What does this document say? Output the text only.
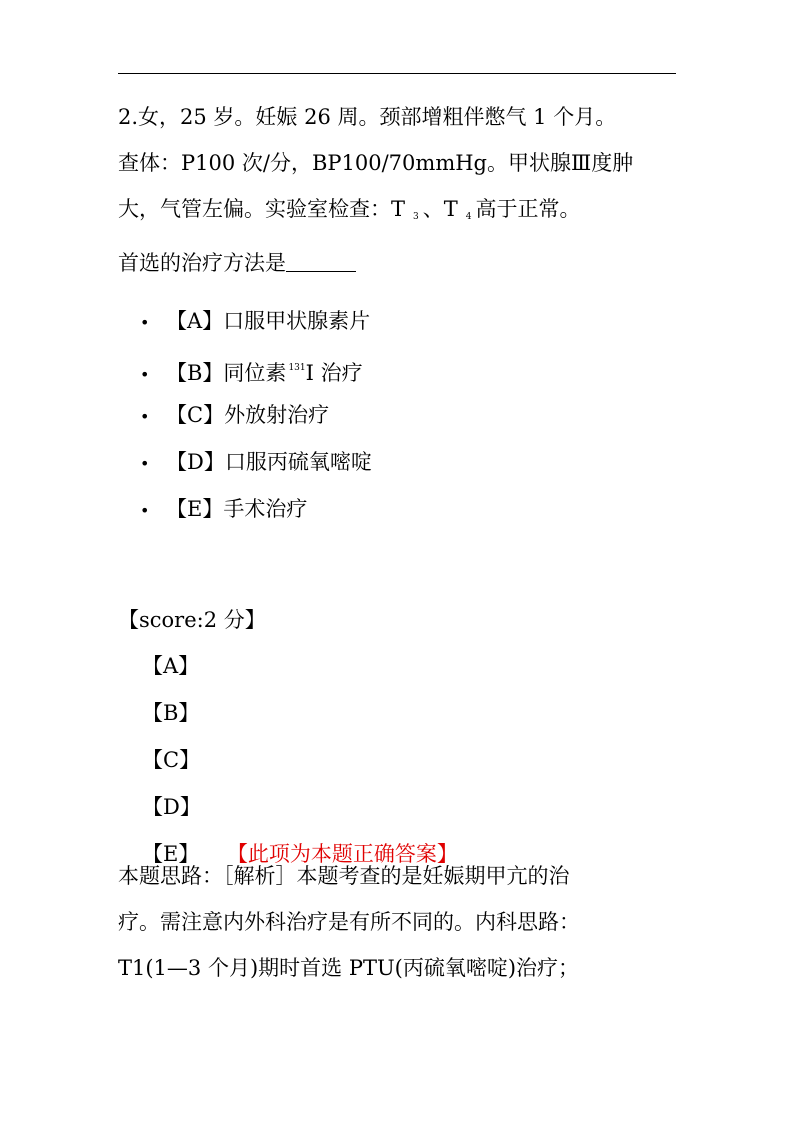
2.女，25 岁。妊娠 26 周。颈部增粗伴憋气 1 个月。
查体：P100 次/分，BP100/70mmHg。甲状腺Ⅲ度肿
大，气管左偏。实验室检查：T $_3$ 、T $_4$ 高于正常。
首选的治疗方法是
• 【A】口服甲状腺素片
• 【B】同位素 $^{131}$I 治疗
• 【C】外放射治疗
• 【D】口服丙硫氧嘧啶
• 【E】手术治疗
【score:2 分】
【A】
【B】
【C】
【D】
【E】 【此项为本题正确答案】
本题思路：［解析］本题考查的是妊娠期甲亢的治
疗。需注意内外科治疗是有所不同的。内科思路：
T1(1—3 个月)期时首选 PTU(丙硫氧嘧啶)治疗；
